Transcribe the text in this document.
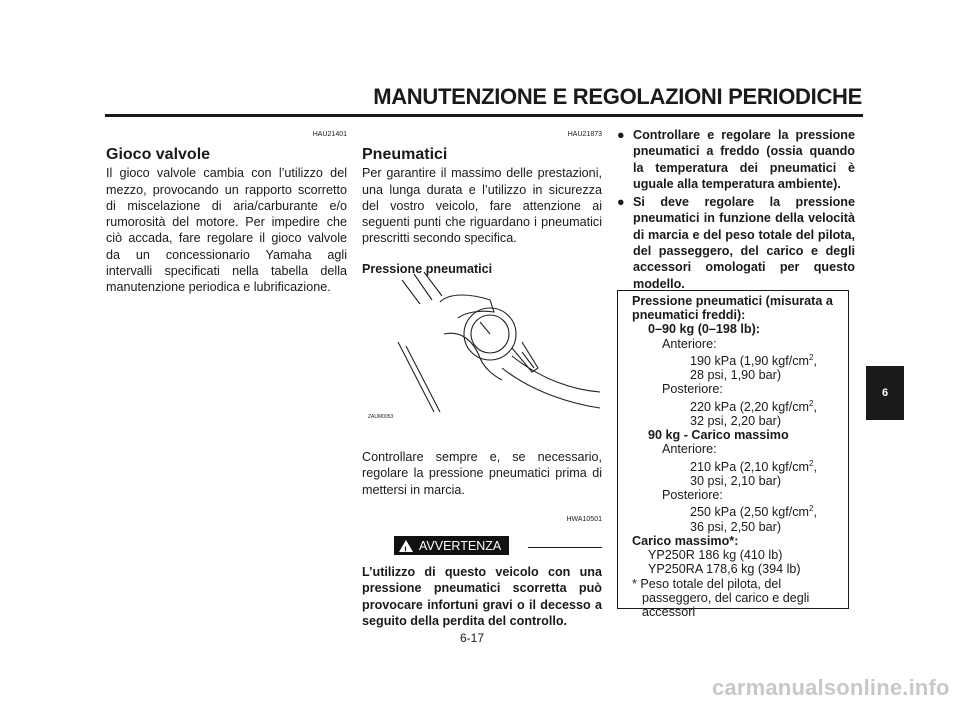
MANUTENZIONE E REGOLAZIONI PERIODICHE
HAU21401
Gioco valvole
Il gioco valvole cambia con l’utilizzo del mezzo, provocando un rapporto scorretto di miscelazione di aria/carburante e/o rumorosità del motore. Per impedire che ciò accada, fare regolare il gioco valvole da un concessionario Yamaha agli intervalli specificati nella tabella della manutenzione periodica e lubrificazione.
HAU21873
Pneumatici
Per garantire il massimo delle prestazioni, una lunga durata e l’utilizzo in sicurezza del vostro veicolo, fare attenzione ai seguenti punti che riguardano i pneumatici prescritti secondo specifica.
Pressione pneumatici
ZAUM0053
Controllare sempre e, se necessario, regolare la pressione pneumatici prima di mettersi in marcia.
HWA10501
! AVVERTENZA
L’utilizzo di questo veicolo con una pressione pneumatici scorretta può provocare infortuni gravi o il decesso a seguito della perdita del controllo.
● Controllare e regolare la pressione pneumatici a freddo (ossia quando la temperatura dei pneumatici è uguale alla temperatura ambiente).
● Si deve regolare la pressione pneumatici in funzione della velocità di marcia e del peso totale del pilota, del passeggero, del carico e degli accessori omologati per questo modello.
Pressione pneumatici (misurata a pneumatici freddi):
0–90 kg (0–198 lb):
Anteriore:
190 kPa (1,90 kgf/$cm^2$,
28 psi, 1,90 bar)
Posteriore:
220 kPa (2,20 kgf/$cm^2$,
32 psi, 2,20 bar)
90 kg - Carico massimo
Anteriore:
210 kPa (2,10 kgf/$cm^2$,
30 psi, 2,10 bar)
Posteriore:
250 kPa (2,50 kgf/$cm^2$,
36 psi, 2,50 bar)
Carico massimo*:
YP250R 186 kg (410 lb)
YP250RA 178,6 kg (394 lb)
* Peso totale del pilota, del passeggero, del carico e degli accessori
6
6-17
carmanualsonline.info
